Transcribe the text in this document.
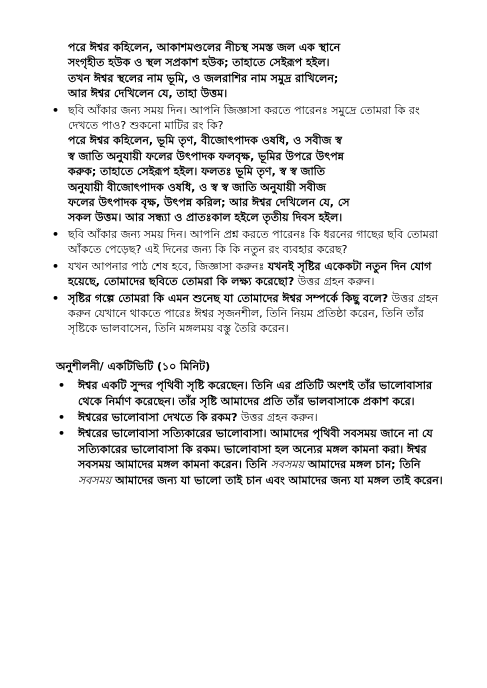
পরে ঈশ্বর কহিলেন, আকাশমণ্ডলের নীচস্থ সমস্ত জল এক স্থানে

সংগৃহীত হউক ও স্থল সপ্রকাশ হউক; তাহাতে সেইরূপ হইল।

তখন ঈশ্বর স্থলের নাম ভূমি, ও জলরাশির নাম সমুদ্র রাখিলেন;

আর ঈশ্বর দেখিলেন যে, তাহা উত্তম।

• ছবি আঁকার জন্য সময় দিন। আপনি জিজ্ঞাসা করতে পারেনঃ সমুদ্রে তোমরা কি রং দেখতে পাও? শুকনো মাটির রং কি?
পরে ঈশ্বর কহিলেন, ভূমি তৃণ, বীজোৎপাদক ওষধি, ও সবীজ স্ব
স্ব জাতি অনুযায়ী ফলের উৎপাদক ফলবৃক্ষ, ভূমির উপরে উৎপন্ন
করুক; তাহাতে সেইরূপ হইল। ফলতঃ ভূমি তৃণ, স্ব স্ব জাতি
অনুযায়ী বীজোৎপাদক ওষধি, ও স্ব স্ব জাতি অনুযায়ী সবীজ
ফলের উৎপাদক বৃক্ষ, উৎপন্ন করিল; আর ঈশ্বর দেখিলেন যে, সে
সকল উত্তম। আর সন্ধ্যা ও প্রাতঃকাল হইলে তৃতীয় দিবস হইল।
• ছবি আঁকার জন্য সময় দিন। আপনি প্রশ্ন করতে পারেনঃ কি ধরনের গাছের ছবি তোমরা আঁকতে পেড়েছ? এই দিনের জন্য কি কি নতুন রং ব্যবহার করেছ?
• যখন আপনার পাঠ শেষ হবে, জিজ্ঞাসা করুনঃ যখনই সৃষ্টির একেকটা নতুন দিন যোগ হয়েছে, তোমাদের ছবিতে তোমরা কি লক্ষ্য করেছো? উত্তর গ্রহন করুন।
• সৃষ্টির গল্পে তোমরা কি এমন শুনেছ যা তোমাদের ঈশ্বর সম্পর্কে কিছু বলে? উত্তর গ্রহন করুন যেখানে থাকতে পারেঃ ঈশ্বর সৃজনশীল, তিনি নিয়ম প্রতিষ্ঠা করেন, তিনি তাঁর সৃষ্টিকে ভালবাসেন, তিনি মঙ্গলময় বস্তু তৈরি করেন।
অনুশীলনী/ একটিভিটি (১০ মিনিট)
• ঈশ্বর একটি সুন্দর পৃথিবী সৃষ্টি করেছেন। তিনি এর প্রতিটি অংশই তাঁর ভালোবাসার থেকে নির্মাণ করেছেন। তাঁর সৃষ্টি আমাদের প্রতি তাঁর ভালবাসাকে প্রকাশ করে।
• ঈশ্বরের ভালোবাসা দেখতে কি রকম? উত্তর গ্রহন করুন।
• ঈশ্বরের ভালোবাসা সত্যিকারের ভালোবাসা। আমাদের পৃথিবী সবসময় জানে না যে সত্যিকারের ভালোবাসা কি রকম। ভালোবাসা হল অন্যের মঙ্গল কামনা করা। ঈশ্বর সবসময় আমাদের মঙ্গল কামনা করেন। তিনি সবসময় আমাদের মঙ্গল চান; তিনি সবসময় আমাদের জন্য যা ভালো তাই চান এবং আমাদের জন্য যা মঙ্গল তাই করেন।
